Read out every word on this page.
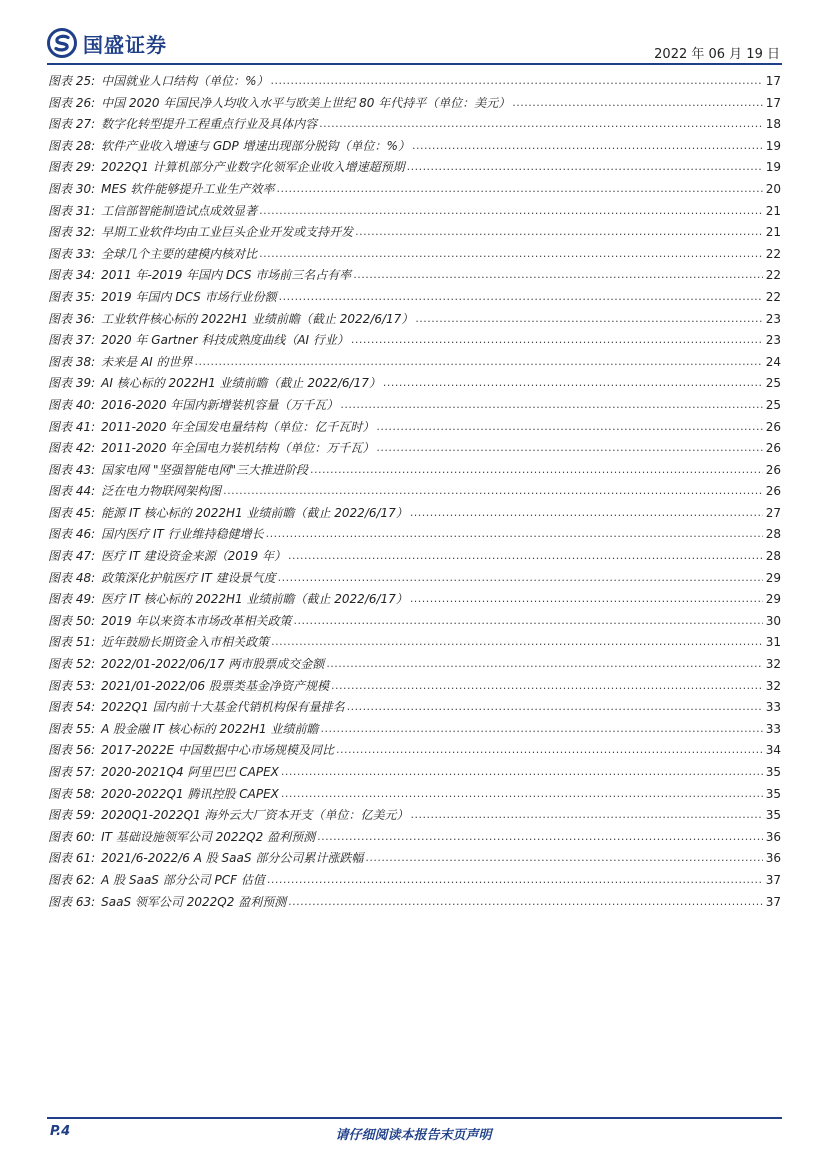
国盛证券	2022 年 06 月 19 日
图表 25: 中国就业人口结构（单位：%） .....	17
图表 26: 中国 2020 年国民净人均收入水平与欧美上世纪 80 年代持平（单位：美元） .....	17
图表 27: 数字化转型提升工程重点行业及具体内容 .....	18
图表 28: 软件产业收入增速与 GDP 增速出现部分脱钩（单位：%） .....	19
图表 29: 2022Q1 计算机部分产业数字化领军企业收入增速超预期 .....	19
图表 30: MES 软件能够提升工业生产效率 .....	20
图表 31: 工信部智能制造试点成效显著 .....	21
图表 32: 早期工业软件均由工业巨头企业开发或支持开发 .....	21
图表 33: 全球几个主要的建模内核对比 .....	22
图表 34: 2011 年-2019 年国内 DCS 市场前三名占有率 .....	22
图表 35: 2019 年国内 DCS 市场行业份额 .....	22
图表 36: 工业软件核心标的 2022H1 业绩前瞻（截止 2022/6/17） .....	23
图表 37: 2020 年 Gartner 科技成熟度曲线（AI 行业） .....	23
图表 38: 未来是 AI 的世界 .....	24
图表 39: AI 核心标的 2022H1 业绩前瞻（截止 2022/6/17） .....	25
图表 40: 2016-2020 年国内新增装机容量（万千瓦） .....	25
图表 41: 2011-2020 年全国发电量结构（单位：亿千瓦时） .....	26
图表 42: 2011-2020 年全国电力装机结构（单位：万千瓦） .....	26
图表 43: 国家电网 "坚强智能电网"三大推进阶段 .....	26
图表 44: 泛在电力物联网架构图 .....	26
图表 45: 能源 IT 核心标的 2022H1 业绩前瞻（截止 2022/6/17） .....	27
图表 46: 国内医疗 IT 行业维持稳健增长 .....	28
图表 47: 医疗 IT 建设资金来源（2019 年） .....	28
图表 48: 政策深化护航医疗 IT 建设景气度 .....	29
图表 49: 医疗 IT 核心标的 2022H1 业绩前瞻（截止 2022/6/17） .....	29
图表 50: 2019 年以来资本市场改革相关政策 .....	30
图表 51: 近年鼓励长期资金入市相关政策 .....	31
图表 52: 2022/01-2022/06/17 两市股票成交金额 .....	32
图表 53: 2021/01-2022/06 股票类基金净资产规模 .....	32
图表 54: 2022Q1 国内前十大基金代销机构保有量排名 .....	33
图表 55: A 股金融 IT 核心标的 2022H1 业绩前瞻 .....	33
图表 56: 2017-2022E 中国数据中心市场规模及同比 .....	34
图表 57: 2020-2021Q4 阿里巴巴 CAPEX .....	35
图表 58: 2020-2022Q1 腾讯控股 CAPEX .....	35
图表 59: 2020Q1-2022Q1 海外云大厂资本开支（单位：亿美元） .....	35
图表 60: IT 基础设施领军公司 2022Q2 盈利预测 .....	36
图表 61: 2021/6-2022/6 A 股 SaaS 部分公司累计涨跌幅 .....	36
图表 62: A 股 SaaS 部分公司 PCF 估值 .....	37
图表 63: SaaS 领军公司 2022Q2 盈利预测 .....	37
请仔细阅读本报告末页声明
P.4
